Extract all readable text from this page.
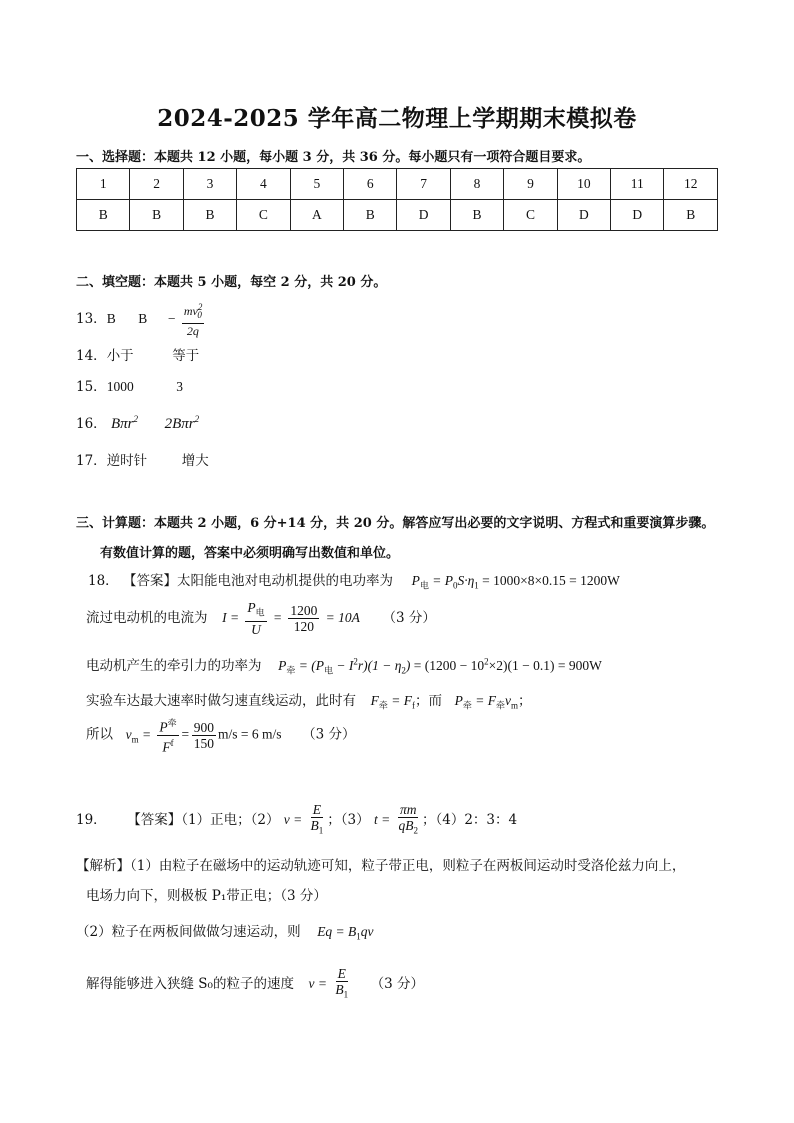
2024-2025 学年高二物理上学期期末模拟卷
一、选择题：本题共 12 小题，每小题 3 分，共 36 分。每小题只有一项符合题目要求。
1	2	3	4	5	6	7	8	9	10	11	12
B	B	B	C	A	B	D	B	C	D	D	B
二、填空题：本题共 5 小题，每空 2 分，共 20 分。
13．B $B - \frac{mv^2_0}{2q}$
14．小于	等于
15．1000	3
16． Bπr$^2$ 2Bπr$^2$
17．逆时针	增大
三、计算题：本题共 2 小题，6 分+14 分，共 20 分。解答应写出必要的文字说明、方程式和重要演算步骤。
有数值计算的题，答案中必须明确写出数值和单位。
18． 【答案】太阳能电池对电动机提供的电功率为 $P_电 = P_0S\cdot\eta_1 = 1000\times 8\times 0.15 = 1200W$
流过电动机的电流为 $I = \frac{P_电}{U} = \frac{1200}{120} = 10A$ （3 分）
电动机产生的牵引力的功率为 $P_牵 = (P_电 - I^2r)(1 - \eta_2) = (1200 - 10^2\times 2)(1 - 0.1) = 900W$
实验车达最大速率时做匀速直线运动，此时有 $F_牵 = F_f$；而 $P_牵 = F_牵v_m$；
所以 $v_m = \frac{P^牵}{F^f} = \frac{900}{150} m/s = 6$ m/s （3 分）
19． 【答案】（1）正电；（2） $v = \frac{E}{B_1}$ ；（3） $t = \frac{\pi m}{qB_2}$ ；（4）2：3：4
【解析】（1）由粒子在磁场中的运动轨迹可知，粒子带正电，则粒子在两板间运动时受洛伦兹力向上，
电场力向下，则极板 P₁带正电；（3 分）
（2）粒子在两板间做做匀速运动，则 $Eq = B_1qv$
解得能够进入狭缝 S₀的粒子的速度 $v = \frac{E}{B_1} (3$ 分）
